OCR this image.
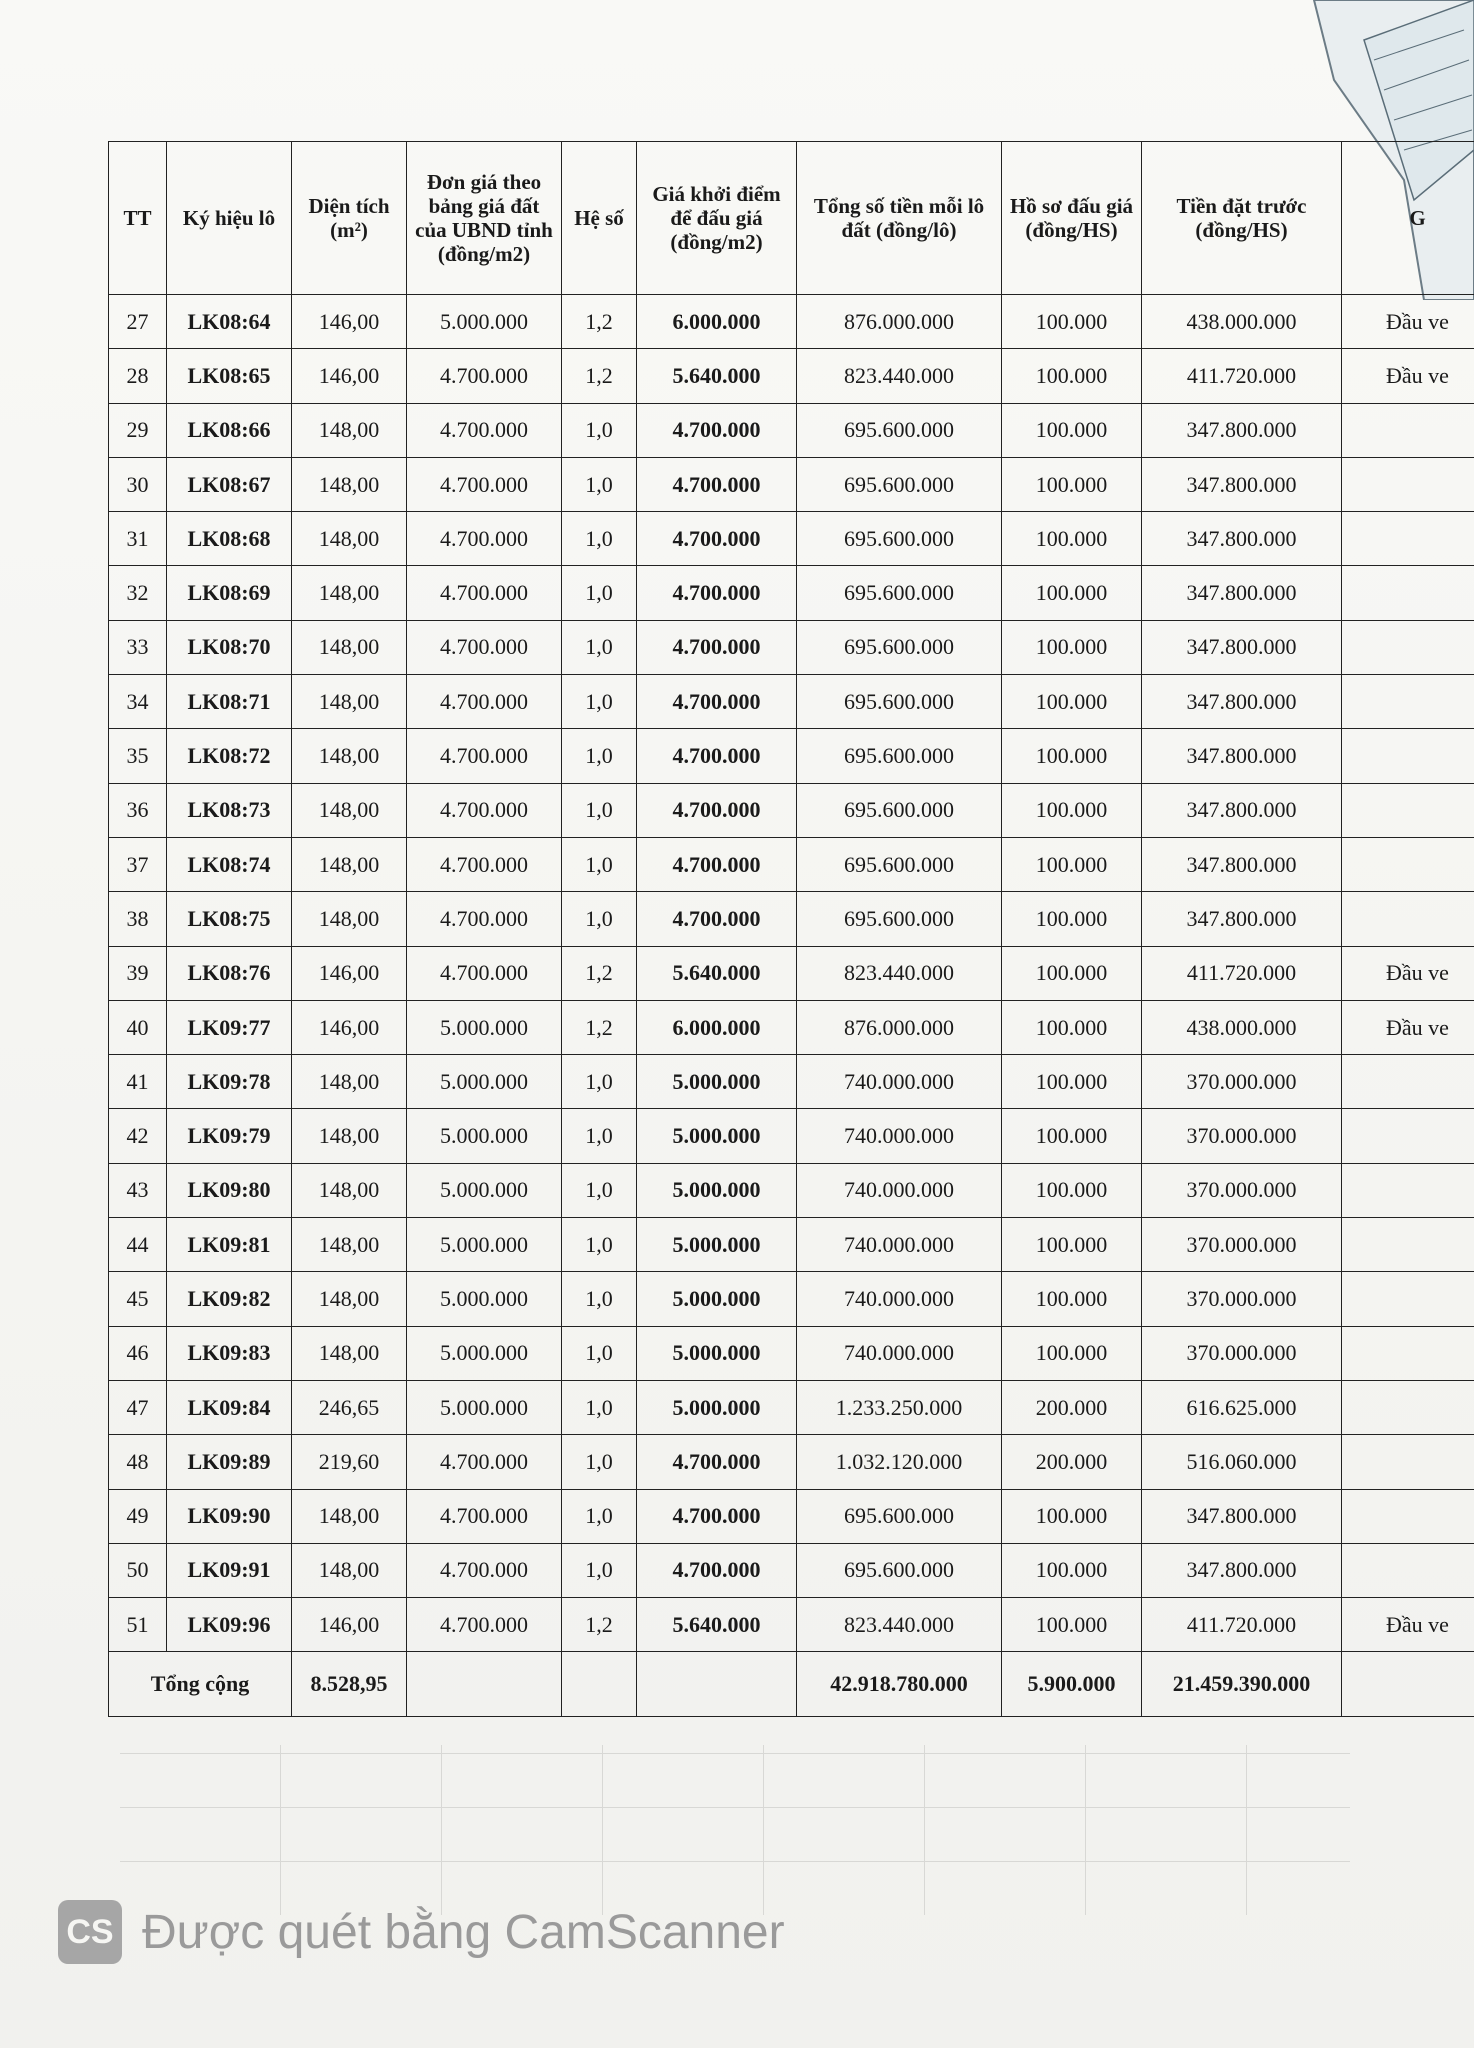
TT	Ký hiệu lô	Diện tích (m²)	Đơn giá theo bảng giá đất của UBND tỉnh (đồng/m2)	Hệ số	Giá khởi điểm để đấu giá (đồng/m2)	Tổng số tiền mỗi lô đất (đồng/lô)	Hồ sơ đấu giá (đồng/HS)	Tiền đặt trước (đồng/HS)	G
27	LK08:64	146,00	5.000.000	1,2	6.000.000	876.000.000	100.000	438.000.000	Đầu ve
28	LK08:65	146,00	4.700.000	1,2	5.640.000	823.440.000	100.000	411.720.000	Đầu ve
29	LK08:66	148,00	4.700.000	1,0	4.700.000	695.600.000	100.000	347.800.000	
30	LK08:67	148,00	4.700.000	1,0	4.700.000	695.600.000	100.000	347.800.000	
31	LK08:68	148,00	4.700.000	1,0	4.700.000	695.600.000	100.000	347.800.000	
32	LK08:69	148,00	4.700.000	1,0	4.700.000	695.600.000	100.000	347.800.000	
33	LK08:70	148,00	4.700.000	1,0	4.700.000	695.600.000	100.000	347.800.000	
34	LK08:71	148,00	4.700.000	1,0	4.700.000	695.600.000	100.000	347.800.000	
35	LK08:72	148,00	4.700.000	1,0	4.700.000	695.600.000	100.000	347.800.000	
36	LK08:73	148,00	4.700.000	1,0	4.700.000	695.600.000	100.000	347.800.000	
37	LK08:74	148,00	4.700.000	1,0	4.700.000	695.600.000	100.000	347.800.000	
38	LK08:75	148,00	4.700.000	1,0	4.700.000	695.600.000	100.000	347.800.000	
39	LK08:76	146,00	4.700.000	1,2	5.640.000	823.440.000	100.000	411.720.000	Đầu ve
40	LK09:77	146,00	5.000.000	1,2	6.000.000	876.000.000	100.000	438.000.000	Đầu ve
41	LK09:78	148,00	5.000.000	1,0	5.000.000	740.000.000	100.000	370.000.000	
42	LK09:79	148,00	5.000.000	1,0	5.000.000	740.000.000	100.000	370.000.000	
43	LK09:80	148,00	5.000.000	1,0	5.000.000	740.000.000	100.000	370.000.000	
44	LK09:81	148,00	5.000.000	1,0	5.000.000	740.000.000	100.000	370.000.000	
45	LK09:82	148,00	5.000.000	1,0	5.000.000	740.000.000	100.000	370.000.000	
46	LK09:83	148,00	5.000.000	1,0	5.000.000	740.000.000	100.000	370.000.000	
47	LK09:84	246,65	5.000.000	1,0	5.000.000	1.233.250.000	200.000	616.625.000	
48	LK09:89	219,60	4.700.000	1,0	4.700.000	1.032.120.000	200.000	516.060.000	
49	LK09:90	148,00	4.700.000	1,0	4.700.000	695.600.000	100.000	347.800.000	
50	LK09:91	148,00	4.700.000	1,0	4.700.000	695.600.000	100.000	347.800.000	
51	LK09:96	146,00	4.700.000	1,2	5.640.000	823.440.000	100.000	411.720.000	Đầu ve
Tổng cộng		8.528,95				42.918.780.000	5.900.000	21.459.390.000	
CS Được quét bằng CamScanner
